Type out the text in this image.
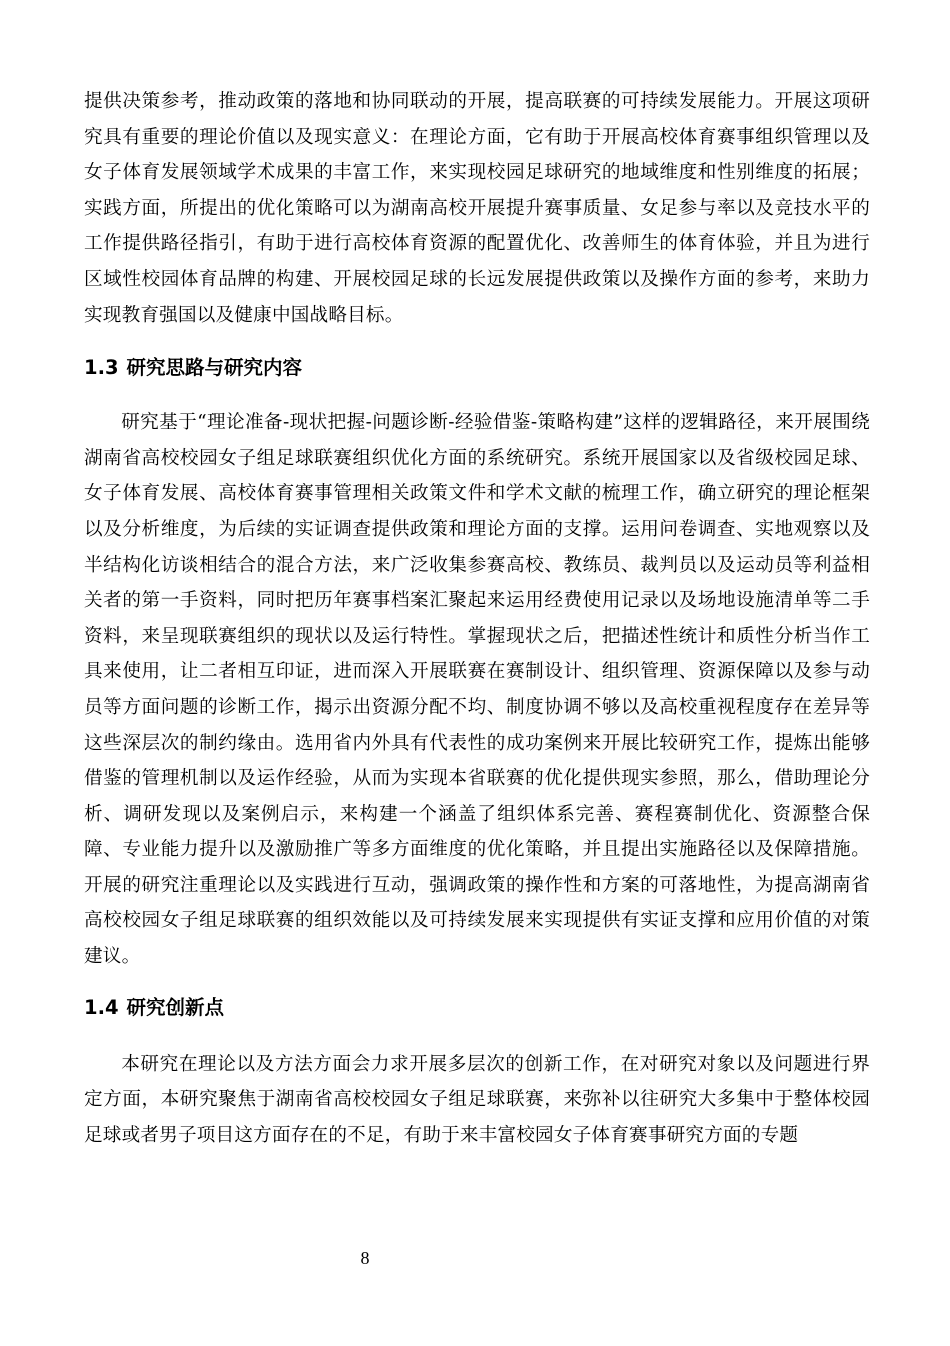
提供决策参考，推动政策的落地和协同联动的开展，提高联赛的可持续发展能力。开展这项研究具有重要的理论价值以及现实意义：在理论方面，它有助于开展高校体育赛事组织管理以及女子体育发展领域学术成果的丰富工作，来实现校园足球研究的地域维度和性别维度的拓展；实践方面，所提出的优化策略可以为湖南高校开展提升赛事质量、女足参与率以及竞技水平的工作提供路径指引，有助于进行高校体育资源的配置优化、改善师生的体育体验，并且为进行区域性校园体育品牌的构建、开展校园足球的长远发展提供政策以及操作方面的参考，来助力实现教育强国以及健康中国战略目标。

1.3 研究思路与研究内容

研究基于“理论准备-现状把握-问题诊断-经验借鉴-策略构建”这样的逻辑路径，来开展围绕湖南省高校校园女子组足球联赛组织优化方面的系统研究。系统开展国家以及省级校园足球、女子体育发展、高校体育赛事管理相关政策文件和学术文献的梳理工作，确立研究的理论框架以及分析维度，为后续的实证调查提供政策和理论方面的支撑。运用问卷调查、实地观察以及半结构化访谈相结合的混合方法，来广泛收集参赛高校、教练员、裁判员以及运动员等利益相关者的第一手资料，同时把历年赛事档案汇聚起来运用经费使用记录以及场地设施清单等二手资料，来呈现联赛组织的现状以及运行特性。掌握现状之后，把描述性统计和质性分析当作工具来使用，让二者相互印证，进而深入开展联赛在赛制设计、组织管理、资源保障以及参与动员等方面问题的诊断工作，揭示出资源分配不均、制度协调不够以及高校重视程度存在差异等这些深层次的制约缘由。选用省内外具有代表性的成功案例来开展比较研究工作，提炼出能够借鉴的管理机制以及运作经验，从而为实现本省联赛的优化提供现实参照，那么，借助理论分析、调研发现以及案例启示，来构建一个涵盖了组织体系完善、赛程赛制优化、资源整合保障、专业能力提升以及激励推广等多方面维度的优化策略，并且提出实施路径以及保障措施。开展的研究注重理论以及实践进行互动，强调政策的操作性和方案的可落地性，为提高湖南省高校校园女子组足球联赛的组织效能以及可持续发展来实现提供有实证支撑和应用价值的对策建议。

1.4 研究创新点

本研究在理论以及方法方面会力求开展多层次的创新工作，在对研究对象以及问题进行界定方面，本研究聚焦于湖南省高校校园女子组足球联赛，来弥补以往研究大多集中于整体校园足球或者男子项目这方面存在的不足，有助于来丰富校园女子体育赛事研究方面的专题

8
